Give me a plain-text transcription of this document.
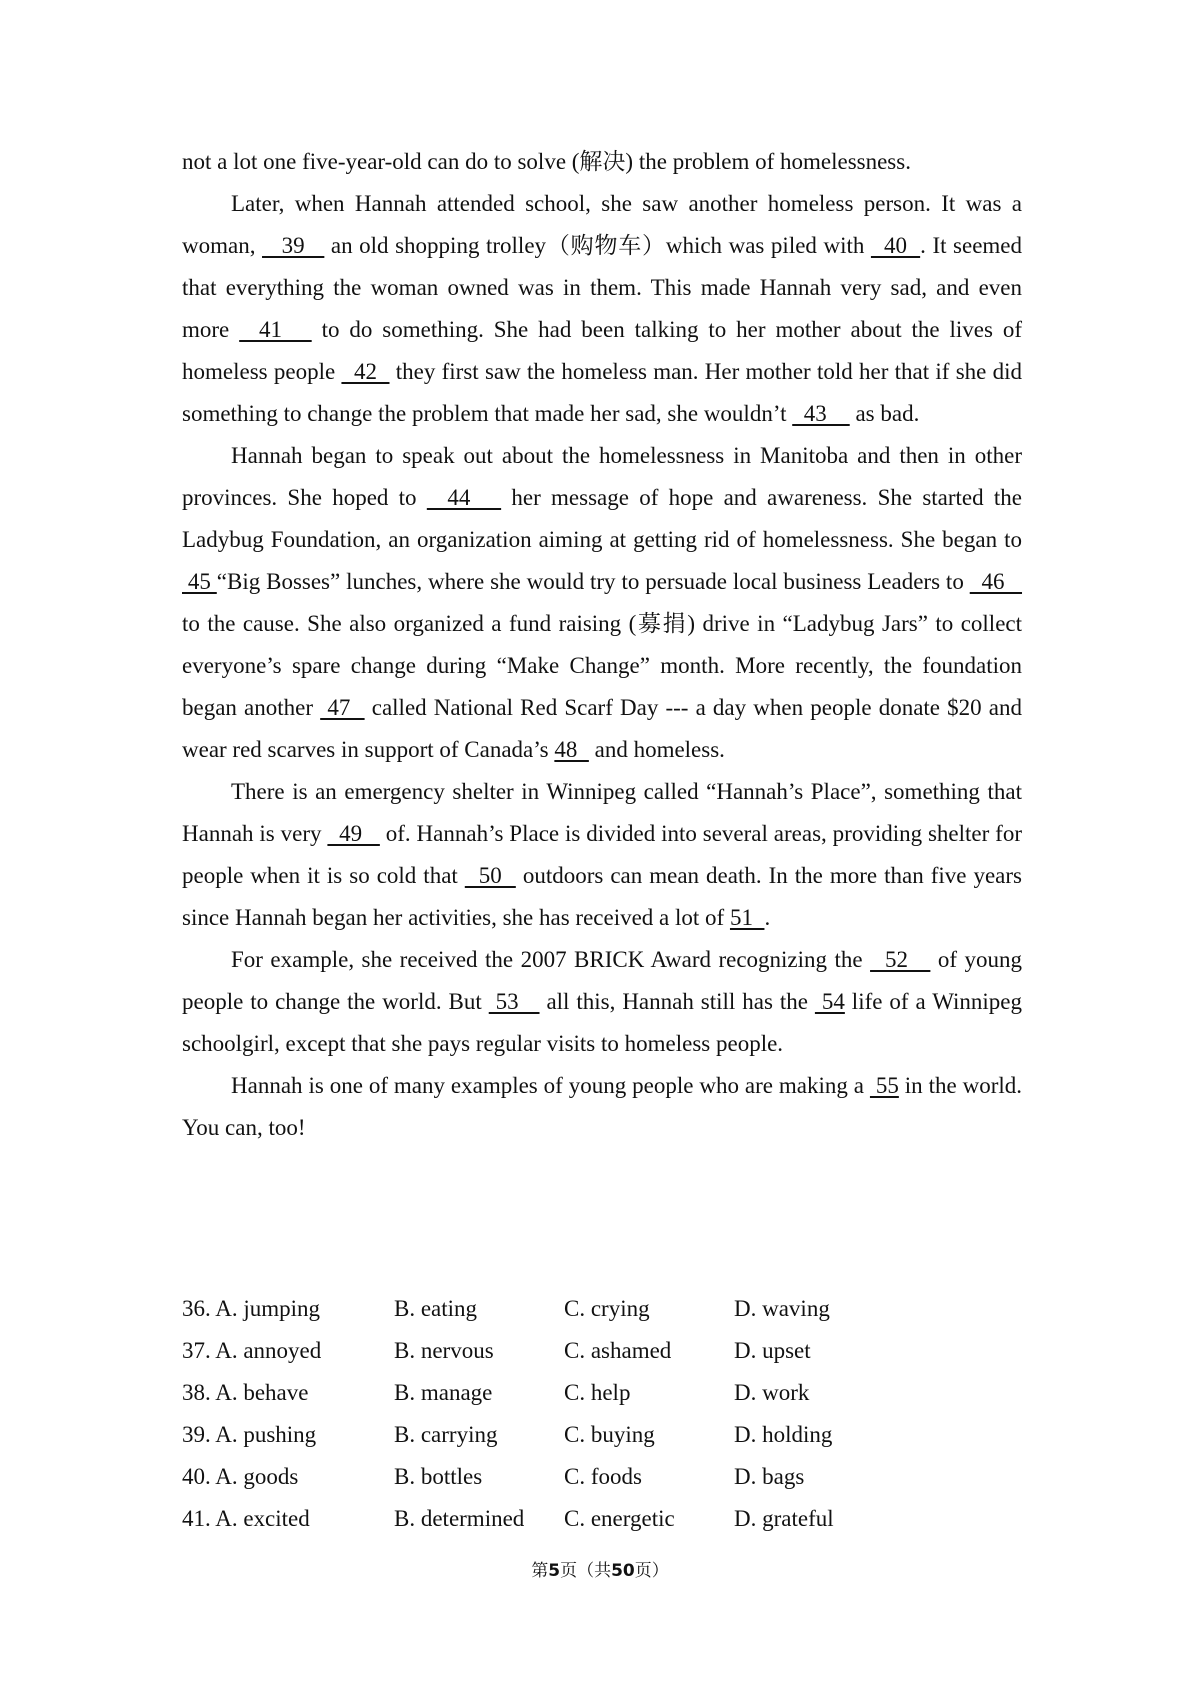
not a lot one five-year-old can do to solve (解决) the problem of homelessness.

Later, when Hannah attended school, she saw another homeless person. It was a woman,    39    an old shopping trolley（购物车）which was piled with   40  . It seemed that everything the woman owned was in them. This made Hannah very sad, and even more   41    to do something. She had been talking to her mother about the lives of homeless people   42   they first saw the homeless man. Her mother told her that if she did something to change the problem that made her sad, she wouldn’t   43     as bad.

Hannah began to speak out about the homelessness in Manitoba and then in other provinces. She hoped to   44    her message of hope and awareness. She started the Ladybug Foundation, an organization aiming at getting rid of homelessness. She began to  45 “Big Bosses” lunches, where she would try to persuade local business Leaders to   46    to the cause. She also organized a fund raising (募捐) drive in “Ladybug Jars” to collect everyone’s spare change during “Make Change” month. More recently, the foundation began another  47   called National Red Scarf Day --- a day when people donate $20 and wear red scarves in support of Canada’s 48   and homeless.

There is an emergency shelter in Winnipeg called “Hannah’s Place”, something that Hannah is very   49    of. Hannah’s Place is divided into several areas, providing shelter for people when it is so cold that   50   outdoors can mean death. In the more than five years since Hannah began her activities, she has received a lot of 51  .

For example, she received the 2007 BRICK Award recognizing the   52    of young people to change the world. But  53    all this, Hannah still has the  54 life of a Winnipeg schoolgirl, except that she pays regular visits to homeless people.

Hannah is one of many examples of young people who are making a  55 in the world. You can, too!

36. A. jumping	B. eating	C. crying	D. waving
37. A. annoyed	B. nervous	C. ashamed	D. upset
38. A. behave	B. manage	C. help	D. work
39. A. pushing	B. carrying	C. buying	D. holding
40. A. goods	B. bottles	C. foods	D. bags
41. A. excited	B. determined	C. energetic	D. grateful
第5页（共50页）
